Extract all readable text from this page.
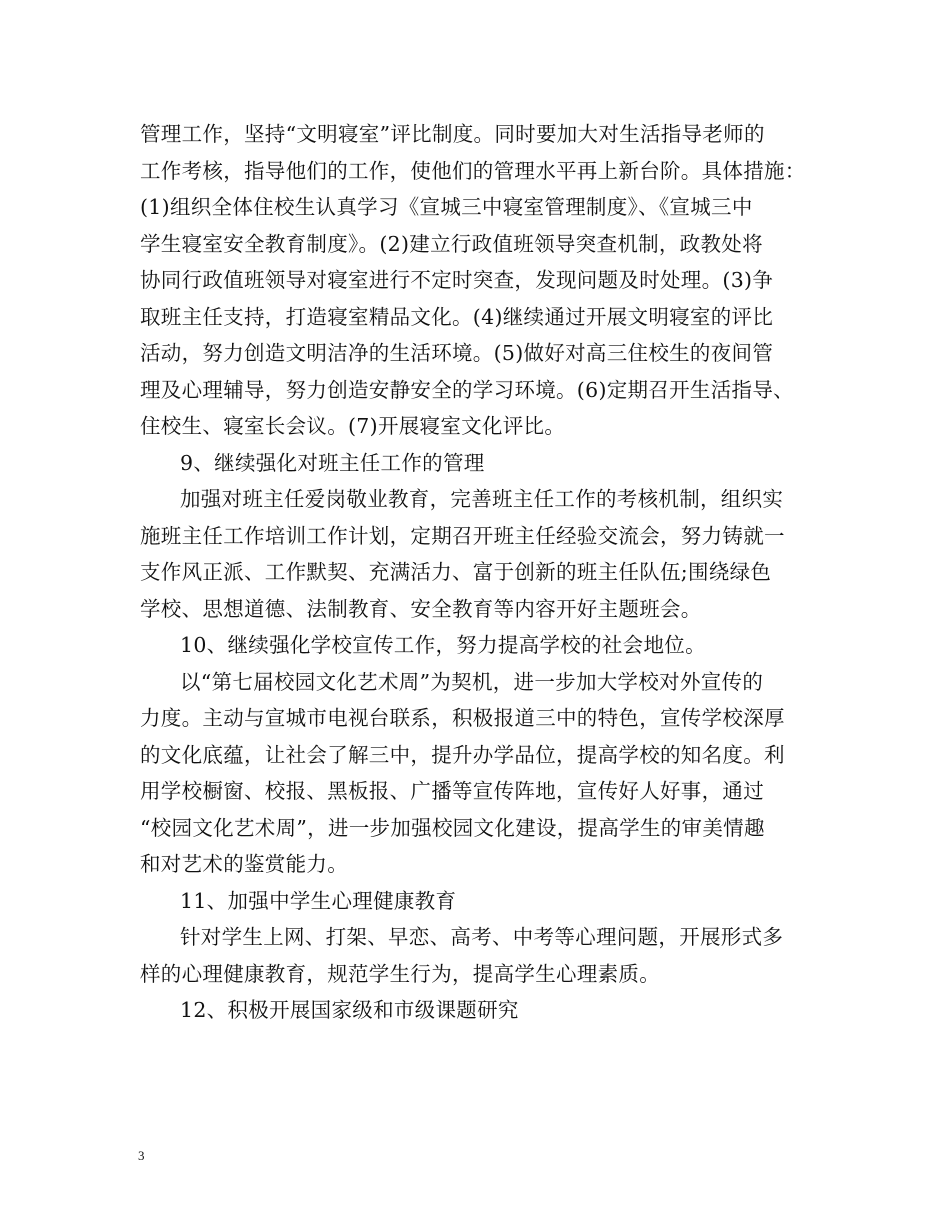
管理工作，坚持“文明寝室”评比制度。同时要加大对生活指导老师的
工作考核，指导他们的工作，使他们的管理水平再上新台阶。具体措施：
(1)组织全体住校生认真学习《宣城三中寝室管理制度》、《宣城三中
学生寝室安全教育制度》。(2)建立行政值班领导突查机制，政教处将
协同行政值班领导对寝室进行不定时突查，发现问题及时处理。(3)争
取班主任支持，打造寝室精品文化。(4)继续通过开展文明寝室的评比
活动，努力创造文明洁净的生活环境。(5)做好对高三住校生的夜间管
理及心理辅导，努力创造安静安全的学习环境。(6)定期召开生活指导、
住校生、寝室长会议。(7)开展寝室文化评比。
9、继续强化对班主任工作的管理
加强对班主任爱岗敬业教育，完善班主任工作的考核机制，组织实
施班主任工作培训工作计划，定期召开班主任经验交流会，努力铸就一
支作风正派、工作默契、充满活力、富于创新的班主任队伍;围绕绿色
学校、思想道德、法制教育、安全教育等内容开好主题班会。
10、继续强化学校宣传工作，努力提高学校的社会地位。
以“第七届校园文化艺术周”为契机，进一步加大学校对外宣传的
力度。主动与宣城市电视台联系，积极报道三中的特色，宣传学校深厚
的文化底蕴，让社会了解三中，提升办学品位，提高学校的知名度。利
用学校橱窗、校报、黑板报、广播等宣传阵地，宣传好人好事，通过
“校园文化艺术周”，进一步加强校园文化建设，提高学生的审美情趣
和对艺术的鉴赏能力。
11、加强中学生心理健康教育
针对学生上网、打架、早恋、高考、中考等心理问题，开展形式多
样的心理健康教育，规范学生行为，提高学生心理素质。
12、积极开展国家级和市级课题研究
3
